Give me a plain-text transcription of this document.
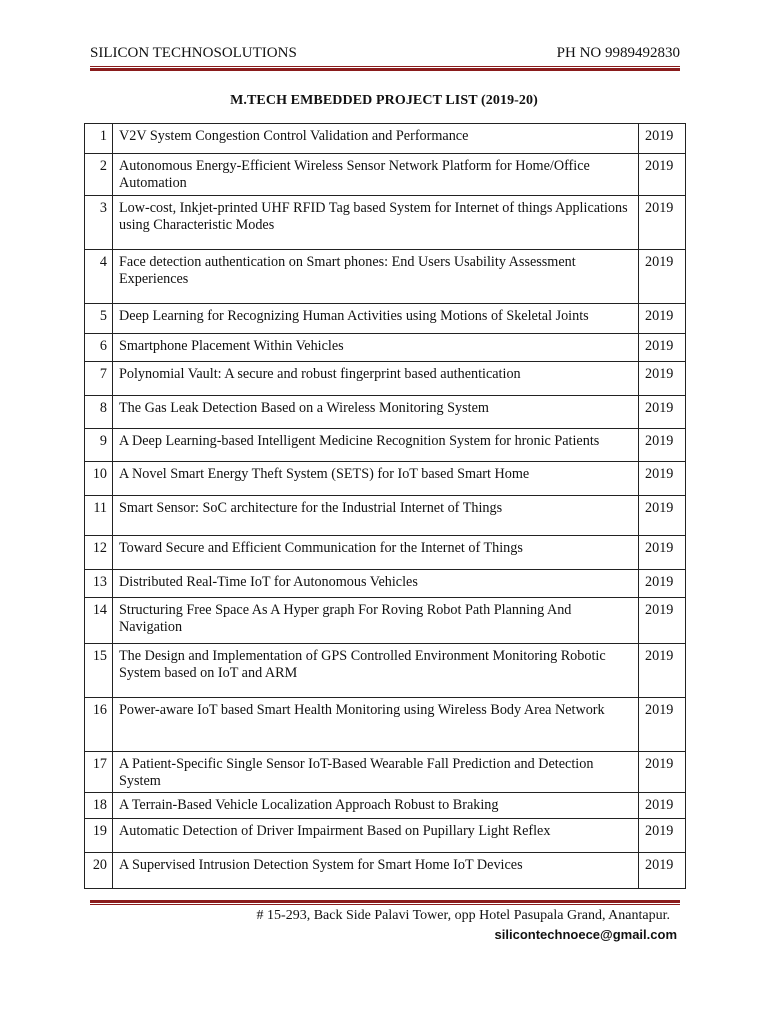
SILICON TECHNOSOLUTIONS	PH NO 9989492830
M.TECH EMBEDDED PROJECT LIST (2019-20)
1	V2V System Congestion Control Validation and Performance	2019
2	Autonomous Energy-Efficient Wireless Sensor Network Platform for Home/Office Automation	2019
3	Low-cost, Inkjet-printed UHF RFID Tag based System for Internet of things Applications using Characteristic Modes	2019
4	Face detection authentication on Smart phones: End Users Usability Assessment Experiences	2019
5	Deep Learning for Recognizing Human Activities using Motions of Skeletal Joints	2019
6	Smartphone Placement Within Vehicles	2019
7	Polynomial Vault: A secure and robust fingerprint based authentication	2019
8	The Gas Leak Detection Based on a Wireless Monitoring System	2019
9	A Deep Learning-based Intelligent Medicine Recognition System for hronic Patients	2019
10	A Novel Smart Energy Theft System (SETS) for IoT based Smart Home	2019
11	Smart Sensor: SoC architecture for the Industrial Internet of Things	2019
12	Toward Secure and Efficient Communication for the Internet of Things	2019
13	Distributed Real-Time IoT for Autonomous Vehicles	2019
14	Structuring Free Space As A Hyper graph For Roving Robot Path Planning And Navigation	2019
15	The Design and Implementation of GPS Controlled Environment Monitoring Robotic System based on IoT and ARM	2019
16	Power-aware IoT based Smart Health Monitoring using Wireless Body Area Network	2019
17	A Patient-Specific Single Sensor IoT-Based Wearable Fall Prediction and Detection System	2019
18	A Terrain-Based Vehicle Localization Approach Robust to Braking	2019
19	Automatic Detection of Driver Impairment Based on Pupillary Light Reflex	2019
20	A Supervised Intrusion Detection System for Smart Home IoT Devices	2019
# 15-293, Back Side Palavi Tower, opp Hotel Pasupala Grand, Anantapur.
silicontechnoece@gmail.com
